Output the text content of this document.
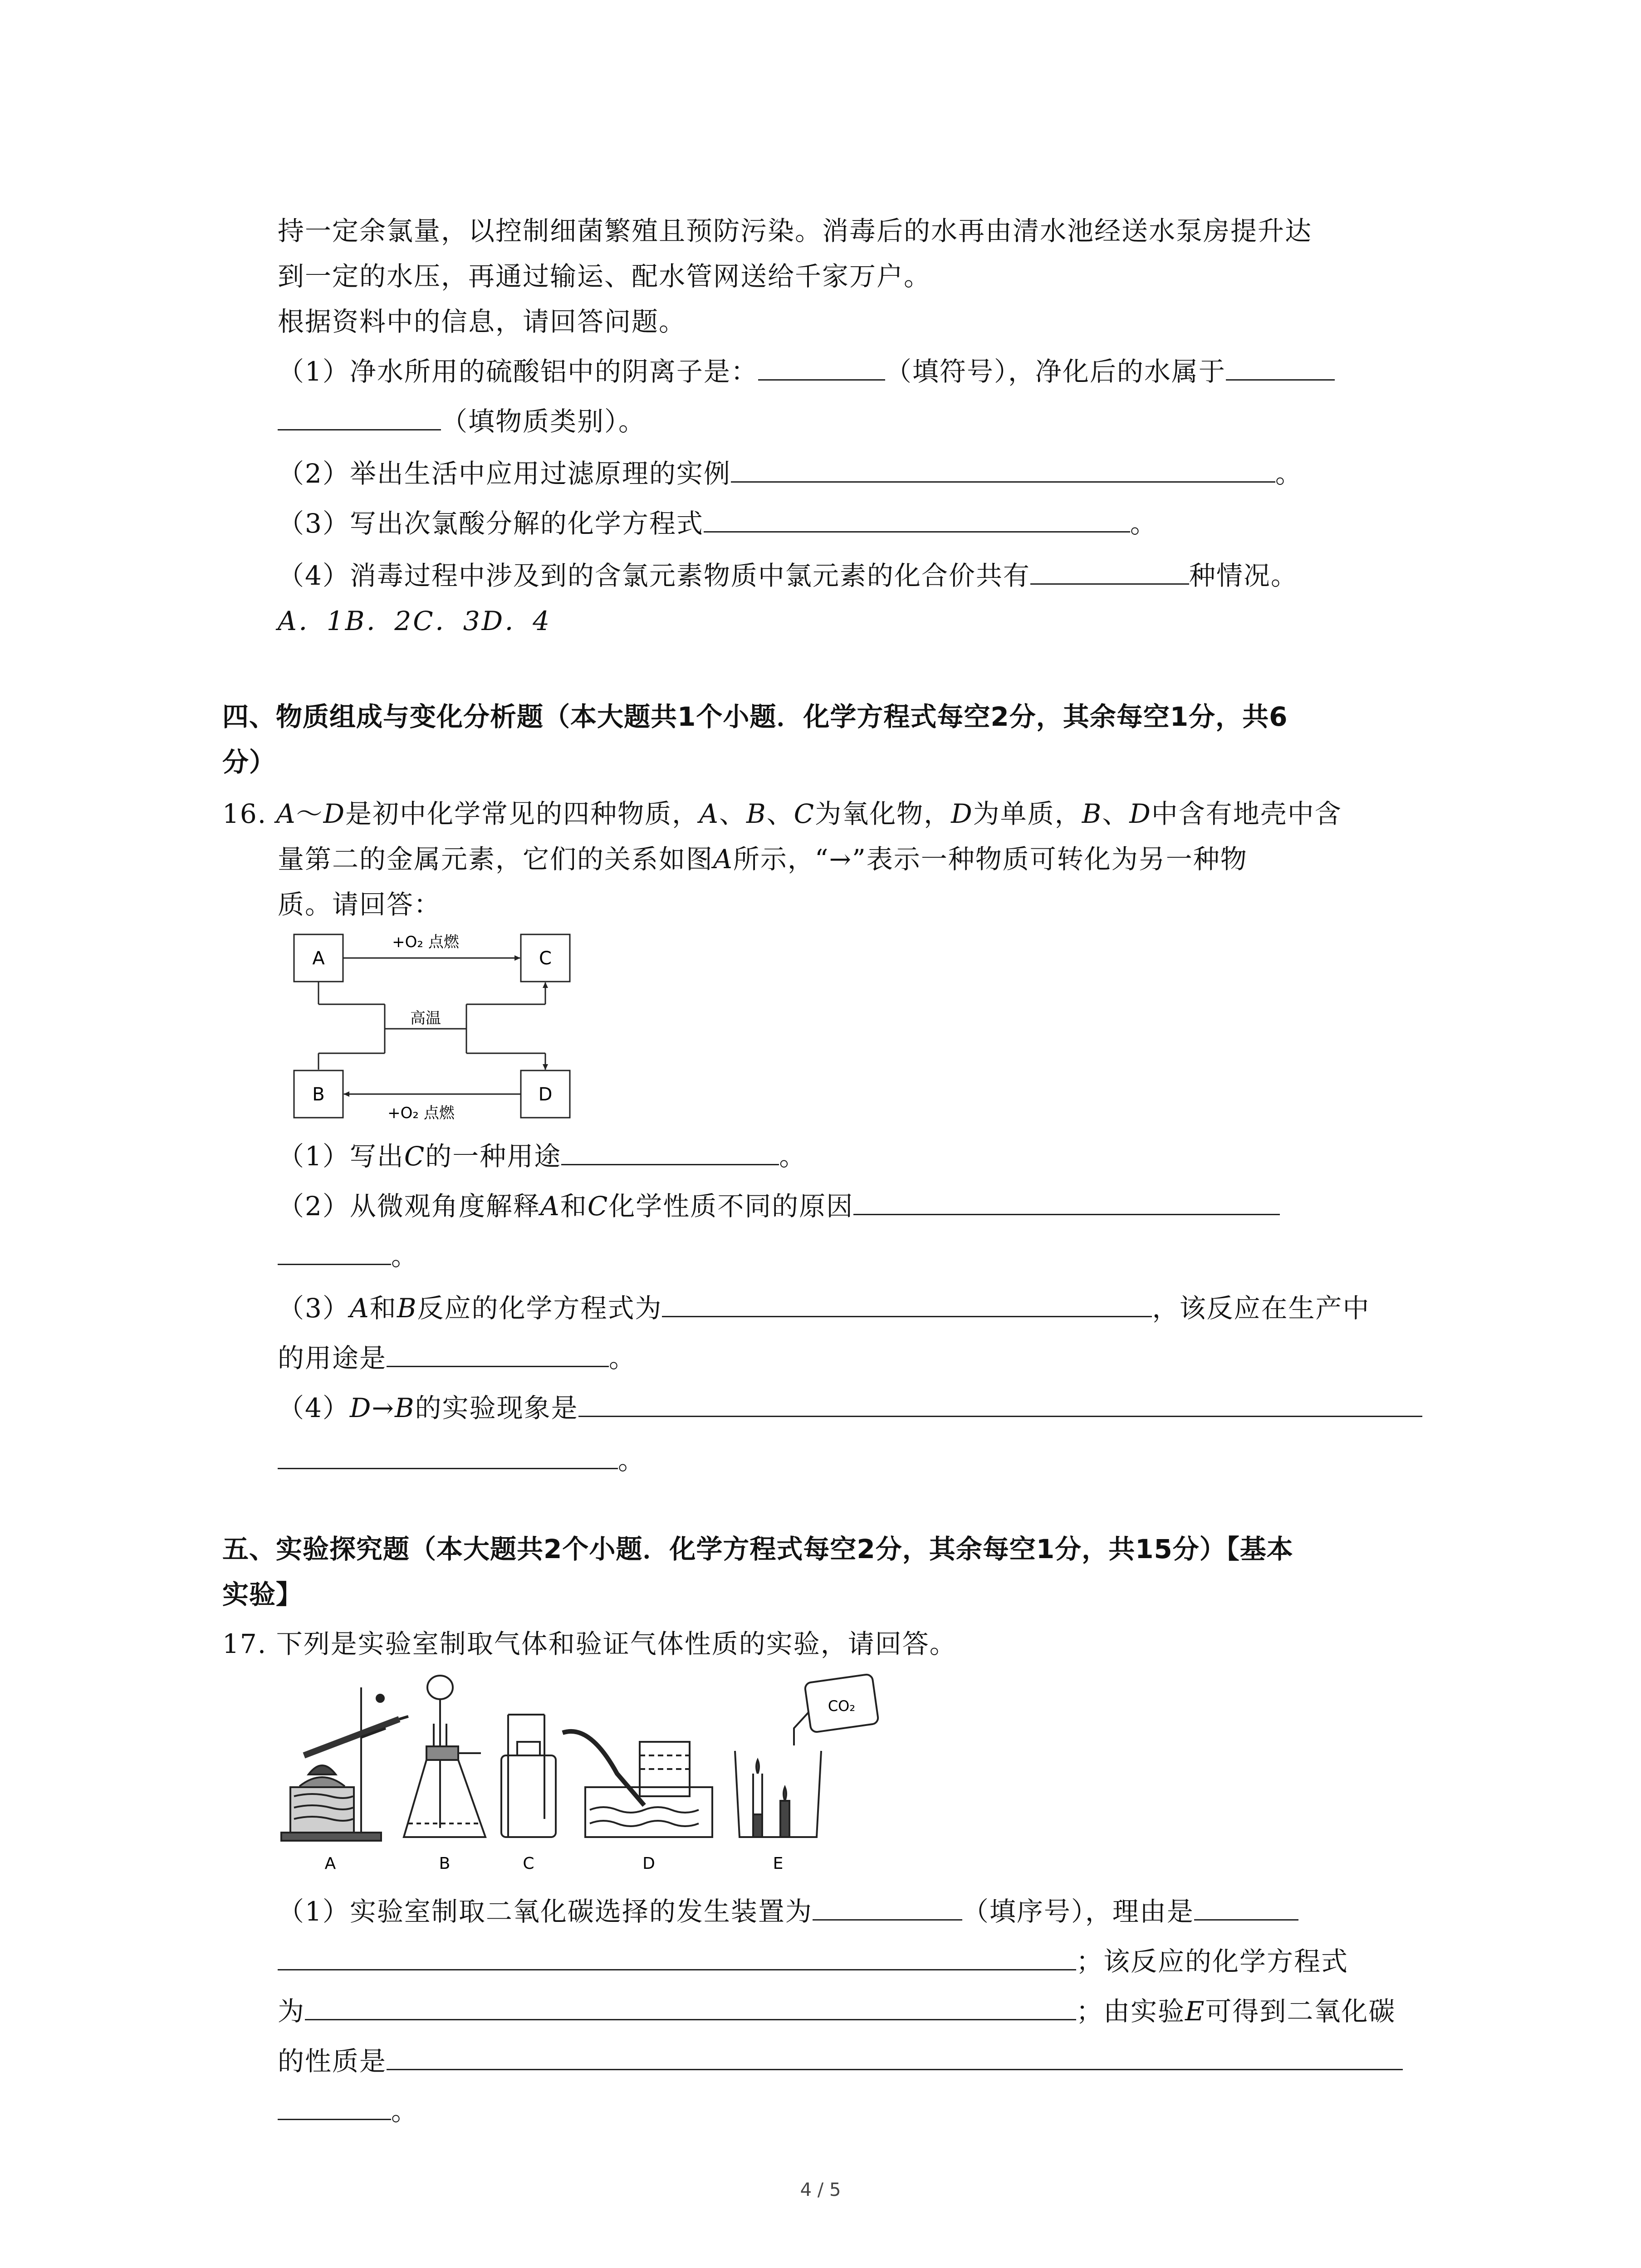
持一定余氯量，以控制细菌繁殖且预防污染。消毒后的水再由清水池经送水泵房提升达
到一定的水压，再通过输运、配水管网送给千家万户。
根据资料中的信息，请回答问题。
（1）净水所用的硫酸铝中的阴离子是：	（填符号），净化后的水属于
（填物质类别）。
（2）举出生活中应用过滤原理的实例	。
（3）写出次氯酸分解的化学方程式	。
（4）消毒过程中涉及到的含氯元素物质中氯元素的化合价共有	种情况。
A．1B．2C．3D．4
四、物质组成与变化分析题（本大题共1个小题．化学方程式每空2分，其余每空1分，共6
分）
16. A～D是初中化学常见的四种物质，A、B、C为氧化物，D为单质，B、D中含有地壳中含
量第二的金属元素，它们的关系如图A所示，“→”表示一种物质可转化为另一种物
质。请回答：
A	C
B	D
+O₂ 点燃
+O₂ 点燃
高温
（1）写出C的一种用途	。
（2）从微观角度解释A和C化学性质不同的原因
。
（3）A和B反应的化学方程式为	，该反应在生产中
的用途是	。
（4）D→B的实验现象是
。
五、实验探究题（本大题共2个小题．化学方程式每空2分，其余每空1分，共15分）【基本
实验】
17. 下列是实验室制取气体和验证气体性质的实验，请回答。
CO₂
A	B	C	D	E
（1）实验室制取二氧化碳选择的发生装置为	（填序号），理由是
；该反应的化学方程式
为	；由实验E可得到二氧化碳
的性质是
。
4 / 5
